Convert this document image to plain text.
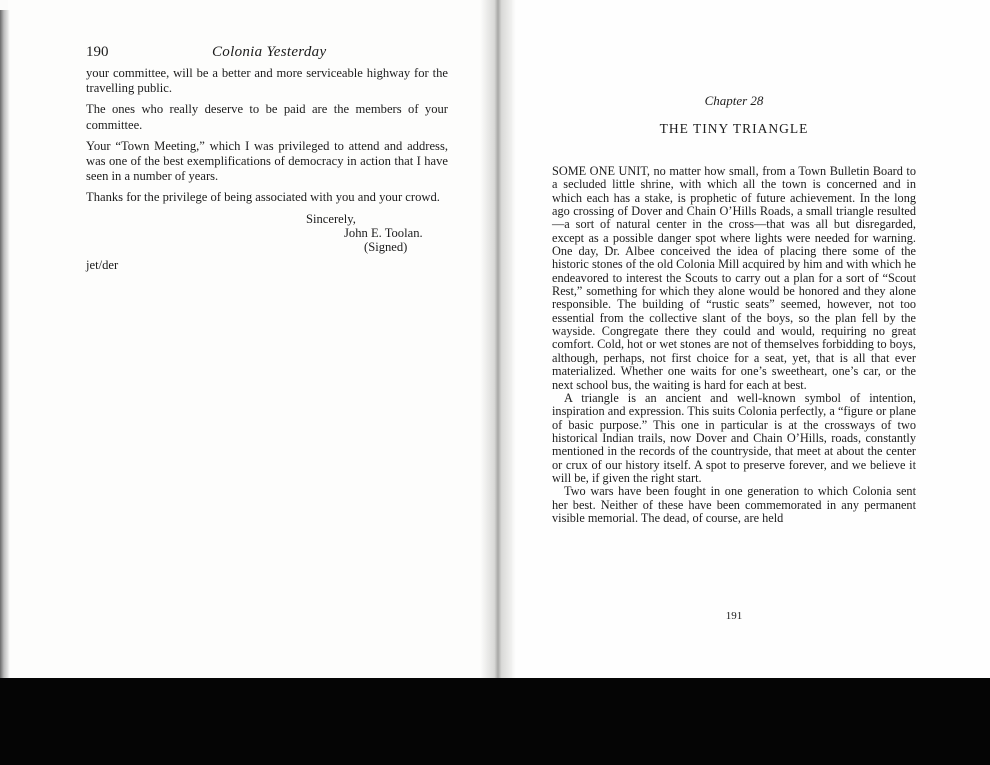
190	Colonia Yesterday

your committee, will be a better and more serviceable highway for the travelling public.

The ones who really deserve to be paid are the members of your committee.

Your “Town Meeting,” which I was privileged to attend and address, was one of the best exemplifications of democracy in action that I have seen in a number of years.

Thanks for the privilege of being associated with you and your crowd.

Sincerely,
John E. Toolan.
(Signed)
jet/der
Chapter 28
THE TINY TRIANGLE

SOME ONE UNIT, no matter how small, from a Town Bulletin Board to a secluded little shrine, with which all the town is concerned and in which each has a stake, is prophetic of future achievement. In the long ago crossing of Dover and Chain O’Hills Roads, a small triangle resulted—a sort of natural center in the cross—that was all but disregarded, except as a possible danger spot where lights were needed for warning. One day, Dr. Albee conceived the idea of placing there some of the historic stones of the old Colonia Mill acquired by him and with which he endeavored to interest the Scouts to carry out a plan for a sort of “Scout Rest,” something for which they alone would be honored and they alone responsible. The building of “rustic seats” seemed, however, not too essential from the collective slant of the boys, so the plan fell by the wayside. Congregate there they could and would, requiring no great comfort. Cold, hot or wet stones are not of themselves forbidding to boys, although, perhaps, not first choice for a seat, yet, that is all that ever materialized. Whether one waits for one’s sweetheart, one’s car, or the next school bus, the waiting is hard for each at best.

A triangle is an ancient and well-known symbol of intention, inspiration and expression. This suits Colonia perfectly, a “figure or plane of basic purpose.” This one in particular is at the crossways of two historical Indian trails, now Dover and Chain O’Hills, roads, constantly mentioned in the records of the countryside, that meet at about the center or crux of our history itself. A spot to preserve forever, and we believe it will be, if given the right start.

Two wars have been fought in one generation to which Colonia sent her best. Neither of these have been commemorated in any permanent visible memorial. The dead, of course, are held

191
